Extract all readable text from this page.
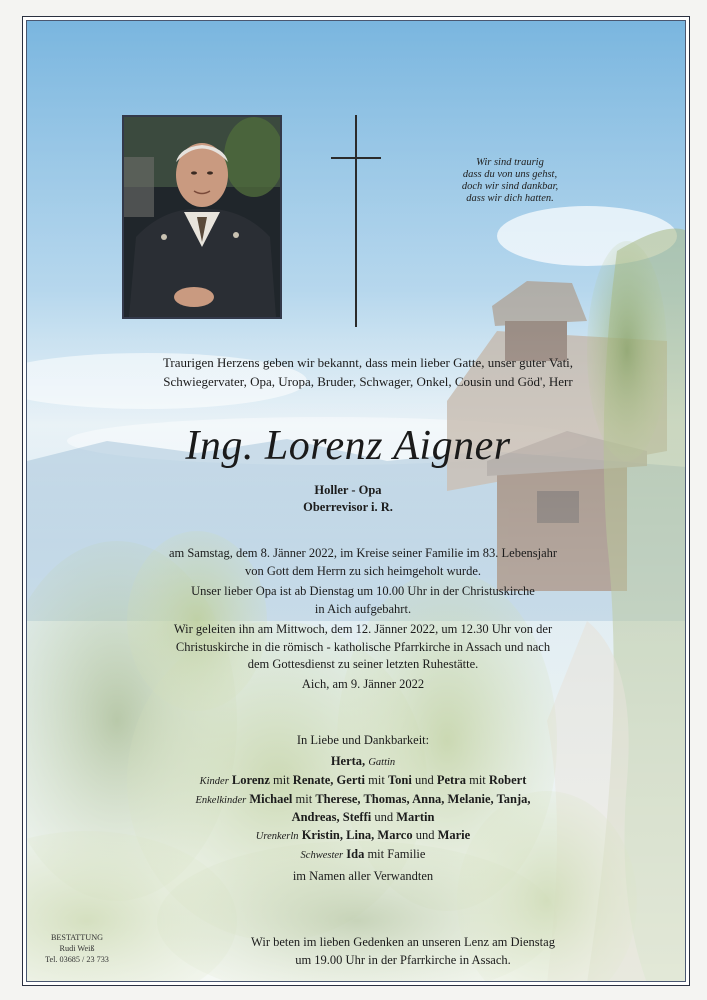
Wir sind traurig
dass du von uns gehst,
doch wir sind dankbar,
dass wir dich hatten.
Traurigen Herzens geben wir bekannt, dass mein lieber Gatte, unser guter Vati,
Schwiegervater, Opa, Uropa, Bruder, Schwager, Onkel, Cousin und Göd', Herr
Ing. Lorenz Aigner
Holler - Opa
Oberrevisor i. R.
am Samstag, dem 8. Jänner 2022, im Kreise seiner Familie im 83. Lebensjahr
von Gott dem Herrn zu sich heimgeholt wurde.
Unser lieber Opa ist ab Dienstag um 10.00 Uhr in der Christuskirche
in Aich aufgebahrt.
Wir geleiten ihn am Mittwoch, dem 12. Jänner 2022, um 12.30 Uhr von der
Christuskirche in die römisch - katholische Pfarrkirche in Assach und nach
dem Gottesdienst zu seiner letzten Ruhestätte.
Aich, am 9. Jänner 2022
In Liebe und Dankbarkeit:
Herta, Gattin
Kinder Lorenz mit Renate, Gerti mit Toni und Petra mit Robert
Enkelkinder Michael mit Therese, Thomas, Anna, Melanie, Tanja,
Andreas, Steffi und Martin
Urenkerln Kristin, Lina, Marco und Marie
Schwester Ida mit Familie
im Namen aller Verwandten
BESTATTUNG
Rudi Weiß
Tel. 03685 / 23 733
Wir beten im lieben Gedenken an unseren Lenz am Dienstag
um 19.00 Uhr in der Pfarrkirche in Assach.
